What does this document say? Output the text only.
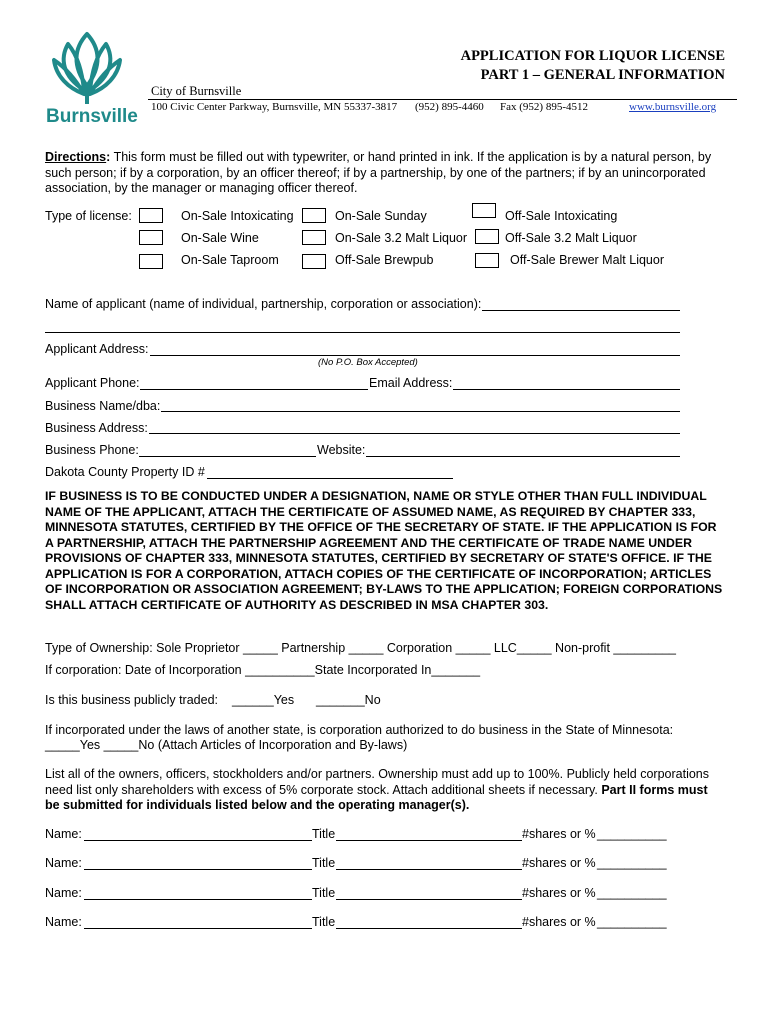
Burnsville
APPLICATION FOR LIQUOR LICENSE
PART 1 – GENERAL INFORMATION
City of Burnsville
100 Civic Center Parkway, Burnsville, MN 55337-3817 (952) 895-4460 Fax (952) 895-4512	www.burnsville.org
Directions: This form must be filled out with typewriter, or hand printed in ink. If the application is by a natural person, by such person; if by a corporation, by an officer thereof; if by a partnership, by one of the partners; if by an unincorporated association, by the manager or managing officer thereof.
Type of license:	On-Sale Intoxicating	On-Sale Sunday	Off-Sale Intoxicating
On-Sale Wine	On-Sale 3.2 Malt Liquor	Off-Sale 3.2 Malt Liquor
On-Sale Taproom	Off-Sale Brewpub	Off-Sale Brewer Malt Liquor
Name of applicant (name of individual, partnership, corporation or association):
Applicant Address:
(No P.O. Box Accepted)
Applicant Phone:	Email Address:
Business Name/dba:
Business Address:
Business Phone:	Website:
Dakota County Property ID #
IF BUSINESS IS TO BE CONDUCTED UNDER A DESIGNATION, NAME OR STYLE OTHER THAN FULL INDIVIDUAL NAME OF THE APPLICANT, ATTACH THE CERTIFICATE OF ASSUMED NAME, AS REQUIRED BY CHAPTER 333, MINNESOTA STATUTES, CERTIFIED BY THE OFFICE OF THE SECRETARY OF STATE. IF THE APPLICATION IS FOR A PARTNERSHIP, ATTACH THE PARTNERSHIP AGREEMENT AND THE CERTIFICATE OF TRADE NAME UNDER PROVISIONS OF CHAPTER 333, MINNESOTA STATUTES, CERTIFIED BY SECRETARY OF STATE'S OFFICE. IF THE APPLICATION IS FOR A CORPORATION, ATTACH COPIES OF THE CERTIFICATE OF INCORPORATION; ARTICLES OF INCORPORATION OR ASSOCIATION AGREEMENT; BY-LAWS TO THE APPLICATION; FOREIGN CORPORATIONS SHALL ATTACH CERTIFICATE OF AUTHORITY AS DESCRIBED IN MSA CHAPTER 303.
Type of Ownership: Sole Proprietor _____ Partnership _____ Corporation _____ LLC_____ Non-profit _________
If corporation: Date of Incorporation __________State Incorporated In_______
Is this business publicly traded: ______Yes _______No
If incorporated under the laws of another state, is corporation authorized to do business in the State of Minnesota:
_____Yes _____No (Attach Articles of Incorporation and By-laws)
List all of the owners, officers, stockholders and/or partners. Ownership must add up to 100%. Publicly held corporations need list only shareholders with excess of 5% corporate stock. Attach additional sheets if necessary. Part II forms must be submitted for individuals listed below and the operating manager(s).
Name:	Title	#shares or % __________
Name:	Title	#shares or % __________
Name:	Title	#shares or % __________
Name:	Title	#shares or % __________
